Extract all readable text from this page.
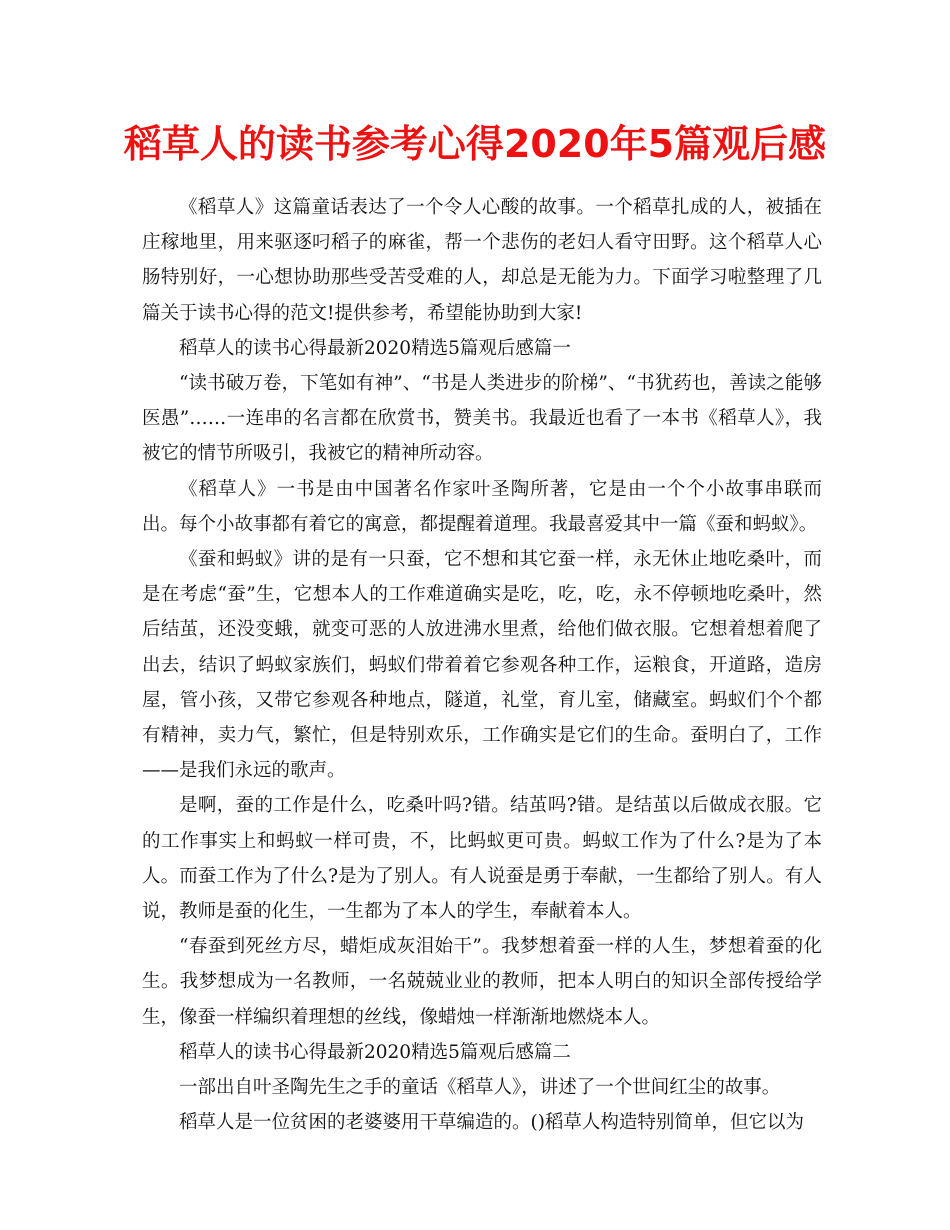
稻草人的读书参考心得2020年5篇观后感

《稻草人》这篇童话表达了一个令人心酸的故事。一个稻草扎成的人，被插在庄稼地里，用来驱逐叼稻子的麻雀，帮一个悲伤的老妇人看守田野。这个稻草人心肠特别好，一心想协助那些受苦受难的人，却总是无能为力。下面学习啦整理了几篇关于读书心得的范文!提供参考，希望能协助到大家!

稻草人的读书心得最新2020精选5篇观后感篇一

“读书破万卷，下笔如有神”、“书是人类进步的阶梯”、“书犹药也，善读之能够医愚”……一连串的名言都在欣赏书，赞美书。我最近也看了一本书《稻草人》，我被它的情节所吸引，我被它的精神所动容。

《稻草人》一书是由中国著名作家叶圣陶所著，它是由一个个小故事串联而出。每个小故事都有着它的寓意，都提醒着道理。我最喜爱其中一篇《蚕和蚂蚁》。

《蚕和蚂蚁》讲的是有一只蚕，它不想和其它蚕一样，永无休止地吃桑叶，而是在考虑“蚕”生，它想本人的工作难道确实是吃，吃，吃，永不停顿地吃桑叶，然后结茧，还没变蛾，就变可恶的人放进沸水里煮，给他们做衣服。它想着想着爬了出去，结识了蚂蚁家族们，蚂蚁们带着着它参观各种工作，运粮食，开道路，造房屋，管小孩，又带它参观各种地点，隧道，礼堂，育儿室，储藏室。蚂蚁们个个都有精神，卖力气，繁忙，但是特别欢乐，工作确实是它们的生命。蚕明白了，工作——是我们永远的歌声。

是啊，蚕的工作是什么，吃桑叶吗?错。结茧吗?错。是结茧以后做成衣服。它的工作事实上和蚂蚁一样可贵，不，比蚂蚁更可贵。蚂蚁工作为了什么?是为了本人。而蚕工作为了什么?是为了别人。有人说蚕是勇于奉献，一生都给了别人。有人说，教师是蚕的化生，一生都为了本人的学生，奉献着本人。

“春蚕到死丝方尽，蜡炬成灰泪始干”。我梦想着蚕一样的人生，梦想着蚕的化生。我梦想成为一名教师，一名兢兢业业的教师，把本人明白的知识全部传授给学生，像蚕一样编织着理想的丝线，像蜡烛一样渐渐地燃烧本人。

稻草人的读书心得最新2020精选5篇观后感篇二

一部出自叶圣陶先生之手的童话《稻草人》，讲述了一个世间红尘的故事。

稻草人是一位贫困的老婆婆用干草编造的。()稻草人构造特别简单，但它以为
